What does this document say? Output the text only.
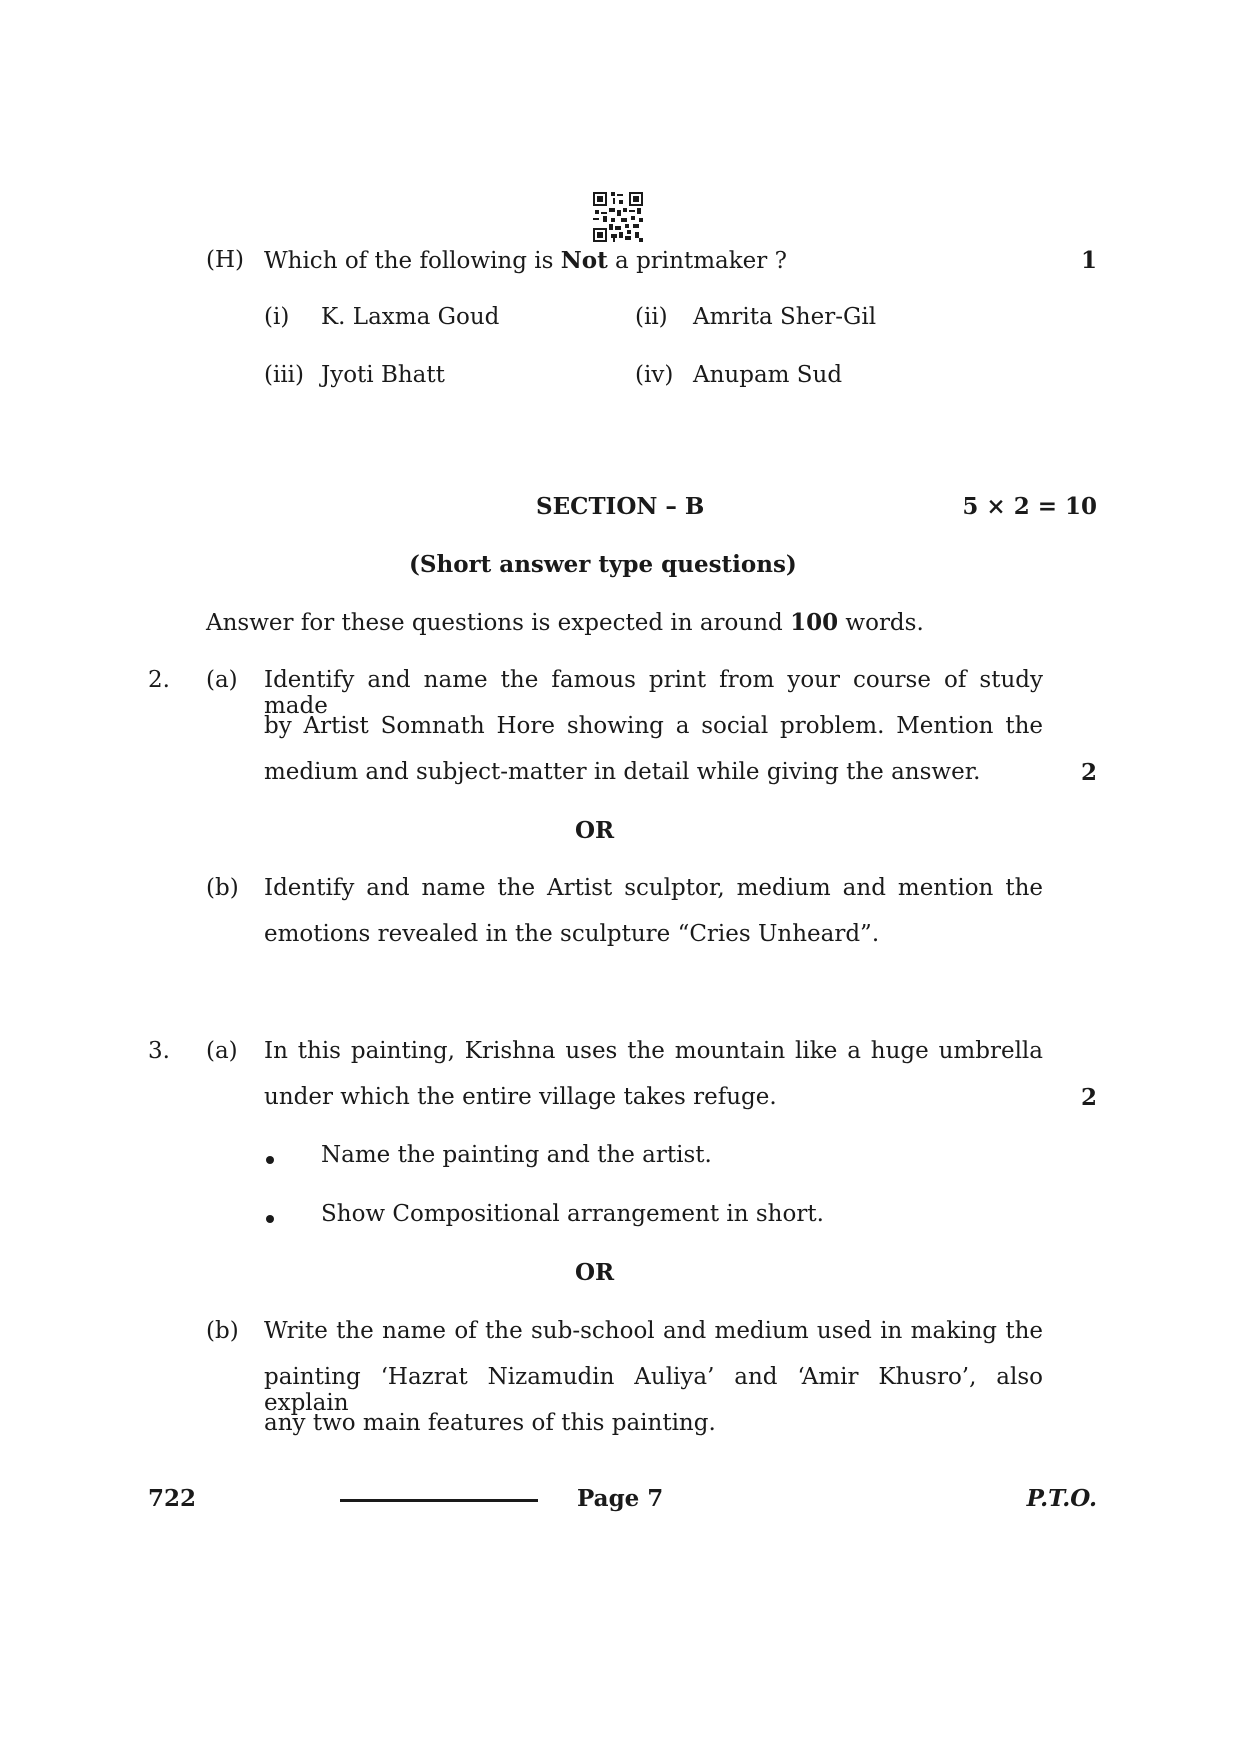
(H) Which of the following is Not a printmaker ?	1
(i) K. Laxma Goud	(ii) Amrita Sher-Gil
(iii) Jyoti Bhatt	(iv) Anupam Sud
SECTION – B	5 × 2 = 10
(Short answer type questions)
Answer for these questions is expected in around 100 words.
2. (a) Identify and name the famous print from your course of study made
by Artist Somnath Hore showing a social problem. Mention the
medium and subject-matter in detail while giving the answer.	2
OR
(b) Identify and name the Artist sculptor, medium and mention the
emotions revealed in the sculpture “Cries Unheard”.
3. (a) In this painting, Krishna uses the mountain like a huge umbrella
under which the entire village takes refuge.	2
Name the painting and the artist.
Show Compositional arrangement in short.
OR
(b) Write the name of the sub-school and medium used in making the
painting ‘Hazrat Nizamudin Auliya’ and ‘Amir Khusro’, also explain
any two main features of this painting.
722	Page 7	P.T.O.
